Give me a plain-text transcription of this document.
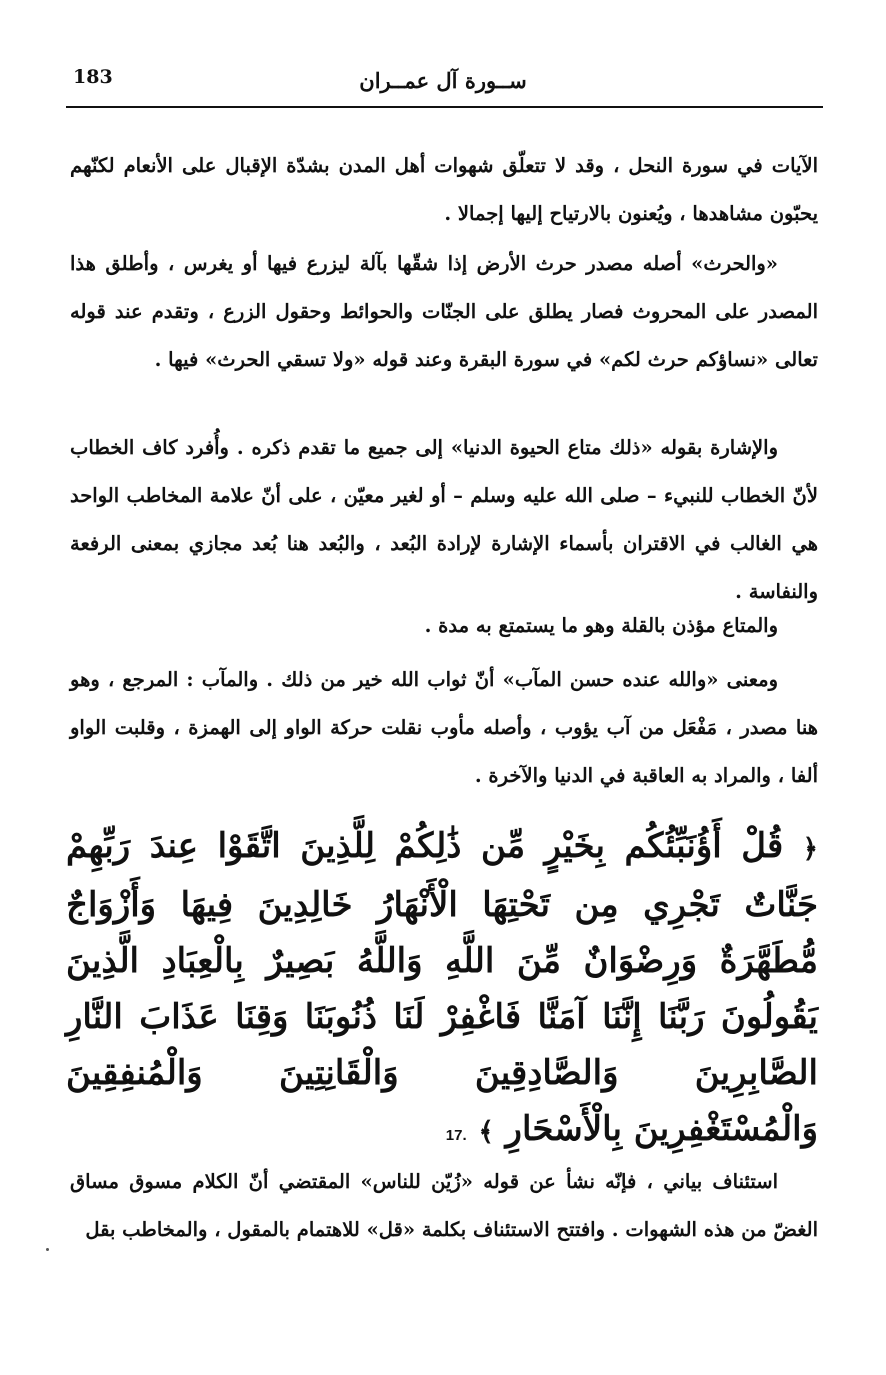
183	ســورة آل عمــران

الآيات في سورة النحل ، وقد لا تتعلّق شهوات أهل المدن بشدّة الإقبال على الأنعام لكنّهم يحبّون مشاهدها ، ويُعنون بالارتياح إليها إجمالا .

«والحرث» أصله مصدر حرث الأرض إذا شقّها بآلة ليزرع فيها أو يغرس ، وأطلق هذا المصدر على المحروث فصار يطلق على الجنّات والحوائط وحقول الزرع ، وتقدم عند قوله تعالى «نساؤكم حرث لكم» في سورة البقرة وعند قوله «ولا تسقي الحرث» فيها .

والإشارة بقوله «ذلك متاع الحيوة الدنيا» إلى جميع ما تقدم ذكره . وأُفرد كاف الخطاب لأنّ الخطاب للنبيء – صلى الله عليه وسلم – أو لغير معيّن ، على أنّ علامة المخاطب الواحد هي الغالب في الاقتران بأسماء الإشارة لإرادة البُعد ، والبُعد هنا بُعد مجازي بمعنى الرفعة والنفاسة .

والمتاع مؤذن بالقلة وهو ما يستمتع به مدة .

ومعنى «والله عنده حسن المآب» أنّ ثواب الله خير من ذلك . والمآب : المرجع ، وهو هنا مصدر ، مَفْعَل من آب يؤوب ، وأصله مأوب نقلت حركة الواو إلى الهمزة ، وقلبت الواو ألفا ، والمراد به العاقبة في الدنيا والآخرة .

﴿ قُلْ أَؤُنَبِّئُكُم بِخَيْرٍ مِّن ذَٰلِكُمْ لِلَّذِينَ اتَّقَوْا عِندَ رَبِّهِمْ جَنَّاتٌ تَجْرِي مِن تَحْتِهَا الْأَنْهَارُ خَالِدِينَ فِيهَا وَأَزْوَاجٌ مُّطَهَّرَةٌ وَرِضْوَانٌ مِّنَ اللَّهِ وَاللَّهُ بَصِيرٌ بِالْعِبَادِ الَّذِينَ يَقُولُونَ رَبَّنَا إِنَّنَا آمَنَّا فَاغْفِرْ لَنَا ذُنُوبَنَا وَقِنَا عَذَابَ النَّارِ الصَّابِرِينَ وَالصَّادِقِينَ وَالْقَانِتِينَ وَالْمُنفِقِينَ وَالْمُسْتَغْفِرِينَ بِالْأَسْحَارِ ﴾ 17.

استئناف بياني ، فإنّه نشأ عن قوله «زُيّن للناس» المقتضي أنّ الكلام مسوق مساق الغضّ من هذه الشهوات . وافتتح الاستئناف بكلمة «قل» للاهتمام بالمقول ، والمخاطب بقل
